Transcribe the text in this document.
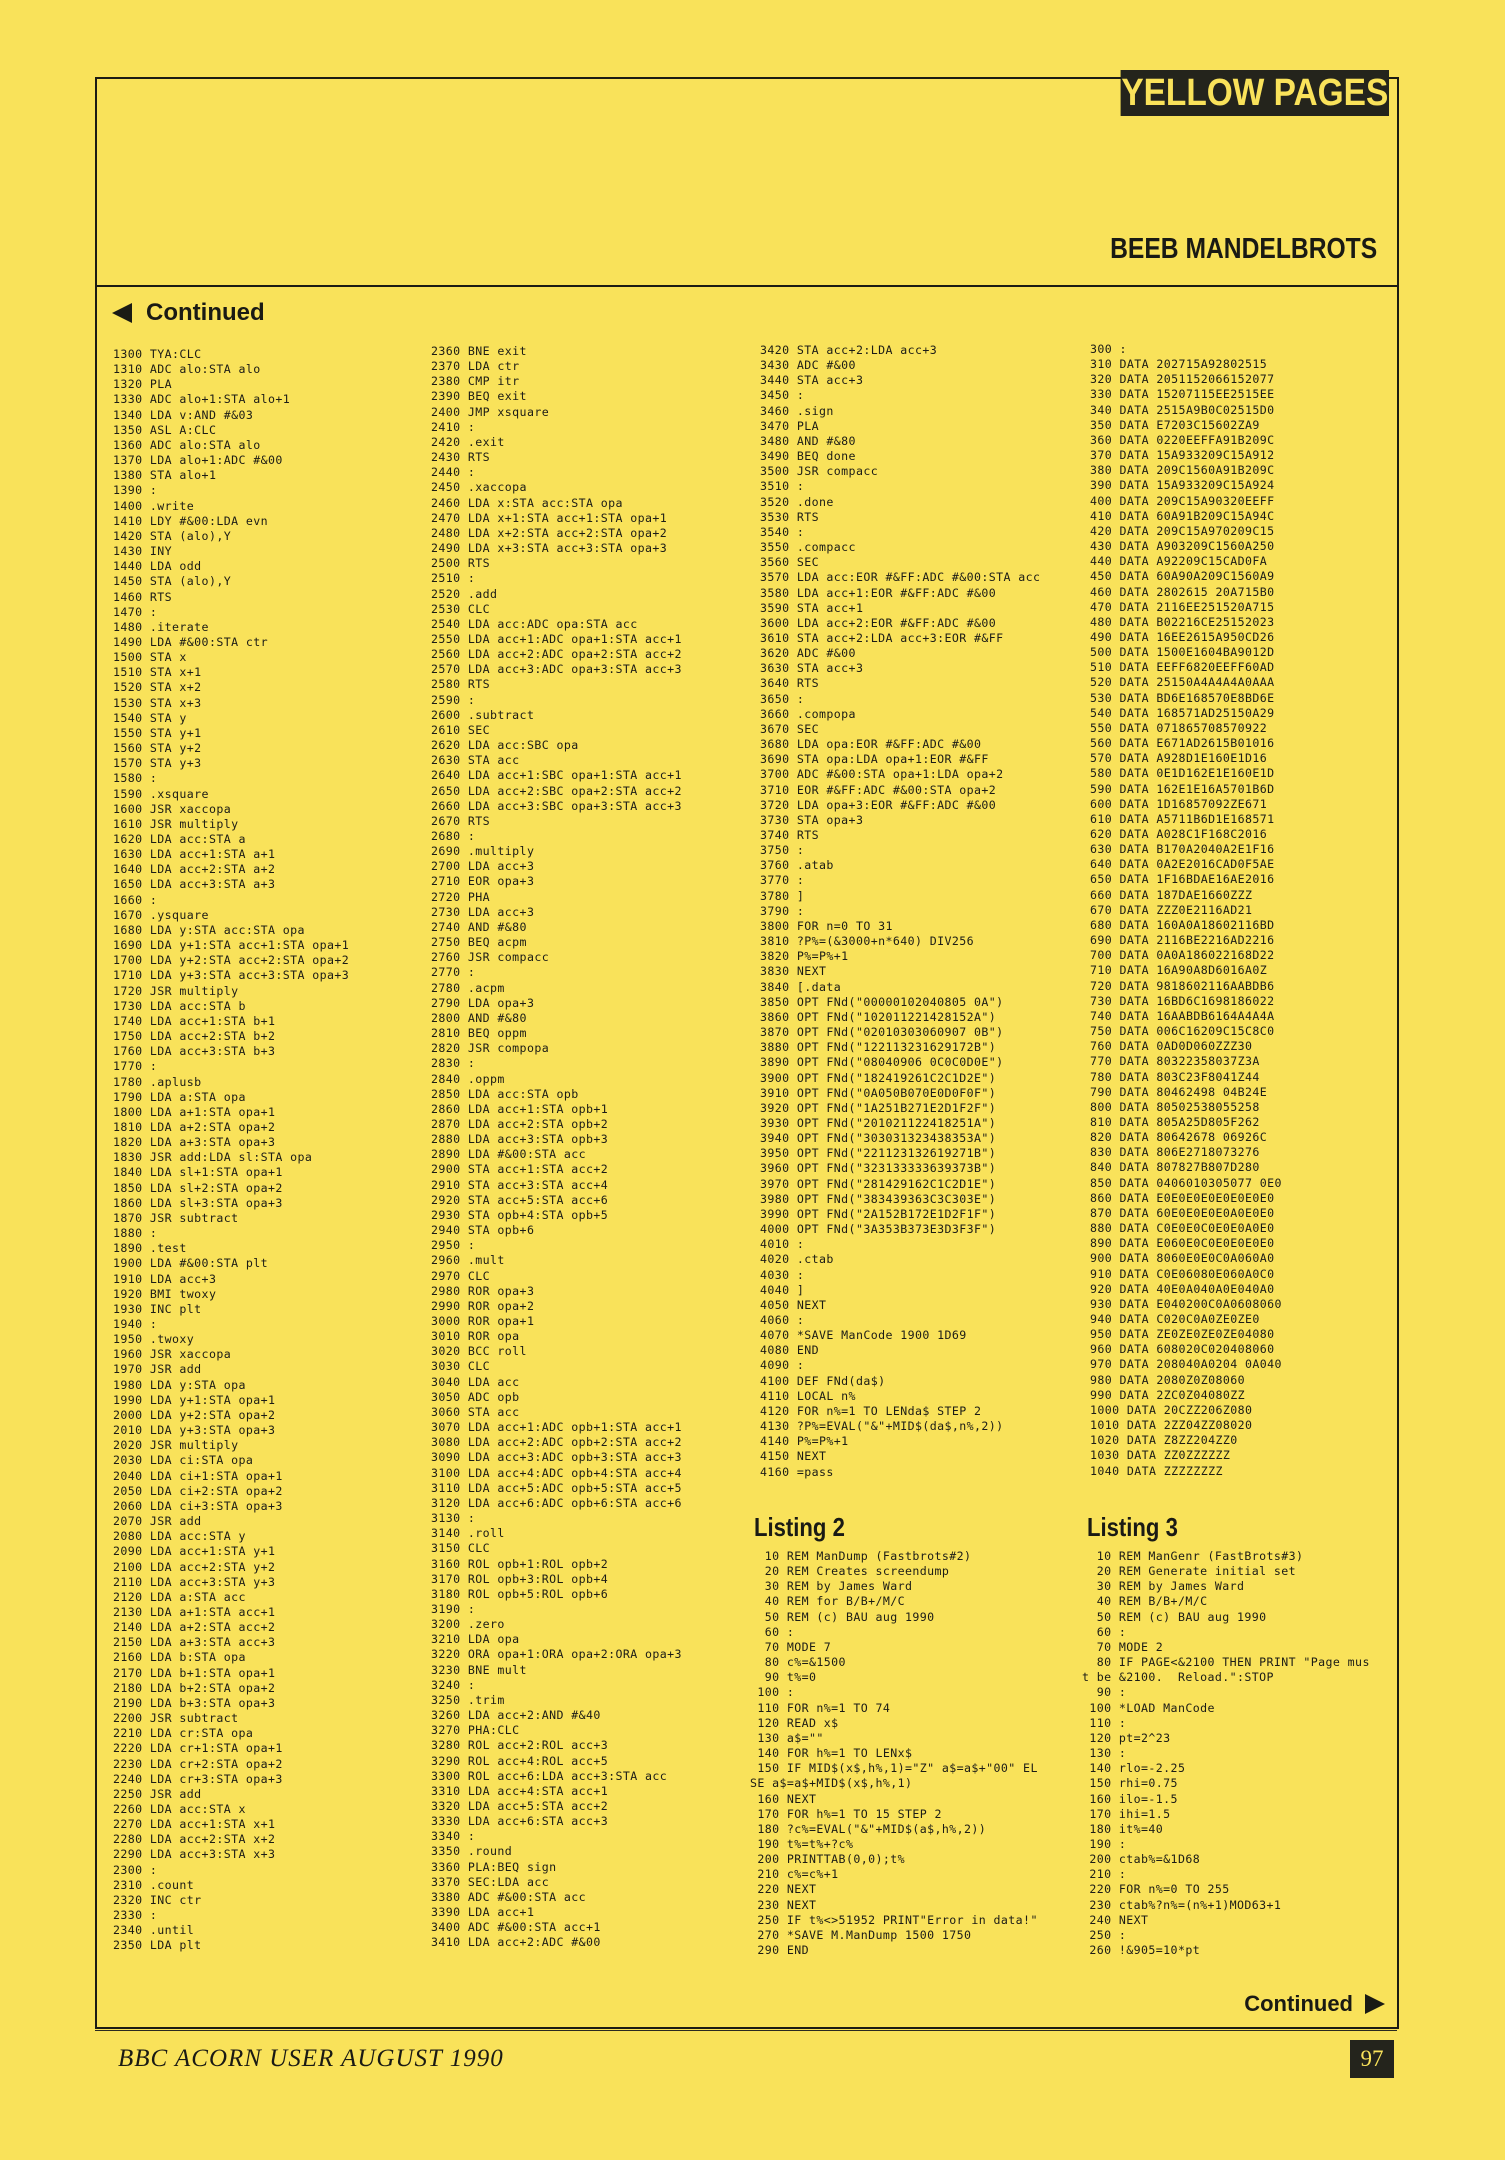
YELLOW PAGES
BEEB MANDELBROTS
Continued
1300 TYA:CLC
1310 ADC alo:STA alo
1320 PLA
1330 ADC alo+1:STA alo+1
1340 LDA v:AND #&03
1350 ASL A:CLC
1360 ADC alo:STA alo
1370 LDA alo+1:ADC #&00
1380 STA alo+1
1390 :
1400 .write
1410 LDY #&00:LDA evn
1420 STA (alo),Y
1430 INY
1440 LDA odd
1450 STA (alo),Y
1460 RTS
1470 :
1480 .iterate
1490 LDA #&00:STA ctr
1500 STA x
1510 STA x+1
1520 STA x+2
1530 STA x+3
1540 STA y
1550 STA y+1
1560 STA y+2
1570 STA y+3
1580 :
1590 .xsquare
1600 JSR xaccopa
1610 JSR multiply
1620 LDA acc:STA a
1630 LDA acc+1:STA a+1
1640 LDA acc+2:STA a+2
1650 LDA acc+3:STA a+3
1660 :
1670 .ysquare
1680 LDA y:STA acc:STA opa
1690 LDA y+1:STA acc+1:STA opa+1
1700 LDA y+2:STA acc+2:STA opa+2
1710 LDA y+3:STA acc+3:STA opa+3
1720 JSR multiply
1730 LDA acc:STA b
1740 LDA acc+1:STA b+1
1750 LDA acc+2:STA b+2
1760 LDA acc+3:STA b+3
1770 :
1780 .aplusb
1790 LDA a:STA opa
1800 LDA a+1:STA opa+1
1810 LDA a+2:STA opa+2
1820 LDA a+3:STA opa+3
1830 JSR add:LDA sl:STA opa
1840 LDA sl+1:STA opa+1
1850 LDA sl+2:STA opa+2
1860 LDA sl+3:STA opa+3
1870 JSR subtract
1880 :
1890 .test
1900 LDA #&00:STA plt
1910 LDA acc+3
1920 BMI twoxy
1930 INC plt
1940 :
1950 .twoxy
1960 JSR xaccopa
1970 JSR add
1980 LDA y:STA opa
1990 LDA y+1:STA opa+1
2000 LDA y+2:STA opa+2
2010 LDA y+3:STA opa+3
2020 JSR multiply
2030 LDA ci:STA opa
2040 LDA ci+1:STA opa+1
2050 LDA ci+2:STA opa+2
2060 LDA ci+3:STA opa+3
2070 JSR add
2080 LDA acc:STA y
2090 LDA acc+1:STA y+1
2100 LDA acc+2:STA y+2
2110 LDA acc+3:STA y+3
2120 LDA a:STA acc
2130 LDA a+1:STA acc+1
2140 LDA a+2:STA acc+2
2150 LDA a+3:STA acc+3
2160 LDA b:STA opa
2170 LDA b+1:STA opa+1
2180 LDA b+2:STA opa+2
2190 LDA b+3:STA opa+3
2200 JSR subtract
2210 LDA cr:STA opa
2220 LDA cr+1:STA opa+1
2230 LDA cr+2:STA opa+2
2240 LDA cr+3:STA opa+3
2250 JSR add
2260 LDA acc:STA x
2270 LDA acc+1:STA x+1
2280 LDA acc+2:STA x+2
2290 LDA acc+3:STA x+3
2300 :
2310 .count
2320 INC ctr
2330 :
2340 .until
2350 LDA plt
2360 BNE exit
2370 LDA ctr
2380 CMP itr
2390 BEQ exit
2400 JMP xsquare
2410 :
2420 .exit
2430 RTS
2440 :
2450 .xaccopa
2460 LDA x:STA acc:STA opa
2470 LDA x+1:STA acc+1:STA opa+1
2480 LDA x+2:STA acc+2:STA opa+2
2490 LDA x+3:STA acc+3:STA opa+3
2500 RTS
2510 :
2520 .add
2530 CLC
2540 LDA acc:ADC opa:STA acc
2550 LDA acc+1:ADC opa+1:STA acc+1
2560 LDA acc+2:ADC opa+2:STA acc+2
2570 LDA acc+3:ADC opa+3:STA acc+3
2580 RTS
2590 :
2600 .subtract
2610 SEC
2620 LDA acc:SBC opa
2630 STA acc
2640 LDA acc+1:SBC opa+1:STA acc+1
2650 LDA acc+2:SBC opa+2:STA acc+2
2660 LDA acc+3:SBC opa+3:STA acc+3
2670 RTS
2680 :
2690 .multiply
2700 LDA acc+3
2710 EOR opa+3
2720 PHA
2730 LDA acc+3
2740 AND #&80
2750 BEQ acpm
2760 JSR compacc
2770 :
2780 .acpm
2790 LDA opa+3
2800 AND #&80
2810 BEQ oppm
2820 JSR compopa
2830 :
2840 .oppm
2850 LDA acc:STA opb
2860 LDA acc+1:STA opb+1
2870 LDA acc+2:STA opb+2
2880 LDA acc+3:STA opb+3
2890 LDA #&00:STA acc
2900 STA acc+1:STA acc+2
2910 STA acc+3:STA acc+4
2920 STA acc+5:STA acc+6
2930 STA opb+4:STA opb+5
2940 STA opb+6
2950 :
2960 .mult
2970 CLC
2980 ROR opa+3
2990 ROR opa+2
3000 ROR opa+1
3010 ROR opa
3020 BCC roll
3030 CLC
3040 LDA acc
3050 ADC opb
3060 STA acc
3070 LDA acc+1:ADC opb+1:STA acc+1
3080 LDA acc+2:ADC opb+2:STA acc+2
3090 LDA acc+3:ADC opb+3:STA acc+3
3100 LDA acc+4:ADC opb+4:STA acc+4
3110 LDA acc+5:ADC opb+5:STA acc+5
3120 LDA acc+6:ADC opb+6:STA acc+6
3130 :
3140 .roll
3150 CLC
3160 ROL opb+1:ROL opb+2
3170 ROL opb+3:ROL opb+4
3180 ROL opb+5:ROL opb+6
3190 :
3200 .zero
3210 LDA opa
3220 ORA opa+1:ORA opa+2:ORA opa+3
3230 BNE mult
3240 :
3250 .trim
3260 LDA acc+2:AND #&40
3270 PHA:CLC
3280 ROL acc+2:ROL acc+3
3290 ROL acc+4:ROL acc+5
3300 ROL acc+6:LDA acc+3:STA acc
3310 LDA acc+4:STA acc+1
3320 LDA acc+5:STA acc+2
3330 LDA acc+6:STA acc+3
3340 :
3350 .round
3360 PLA:BEQ sign
3370 SEC:LDA acc
3380 ADC #&00:STA acc
3390 LDA acc+1
3400 ADC #&00:STA acc+1
3410 LDA acc+2:ADC #&00
3420 STA acc+2:LDA acc+3
3430 ADC #&00
3440 STA acc+3
3450 :
3460 .sign
3470 PLA
3480 AND #&80
3490 BEQ done
3500 JSR compacc
3510 :
3520 .done
3530 RTS
3540 :
3550 .compacc
3560 SEC
3570 LDA acc:EOR #&FF:ADC #&00:STA acc
3580 LDA acc+1:EOR #&FF:ADC #&00
3590 STA acc+1
3600 LDA acc+2:EOR #&FF:ADC #&00
3610 STA acc+2:LDA acc+3:EOR #&FF
3620 ADC #&00
3630 STA acc+3
3640 RTS
3650 :
3660 .compopa
3670 SEC
3680 LDA opa:EOR #&FF:ADC #&00
3690 STA opa:LDA opa+1:EOR #&FF
3700 ADC #&00:STA opa+1:LDA opa+2
3710 EOR #&FF:ADC #&00:STA opa+2
3720 LDA opa+3:EOR #&FF:ADC #&00
3730 STA opa+3
3740 RTS
3750 :
3760 .atab
3770 :
3780 ]
3790 :
3800 FOR n=0 TO 31
3810 ?P%=(&3000+n*640) DIV256
3820 P%=P%+1
3830 NEXT
3840 [.data
3850 OPT FNd("00000102040805 0A")
3860 OPT FNd("102011221428152A")
3870 OPT FNd("02010303060907 0B")
3880 OPT FNd("122113231629172B")
3890 OPT FNd("08040906 0C0C0D0E")
3900 OPT FNd("182419261C2C1D2E")
3910 OPT FNd("0A050B070E0D0F0F")
3920 OPT FNd("1A251B271E2D1F2F")
3930 OPT FNd("201021122418251A")
3940 OPT FNd("303031323438353A")
3950 OPT FNd("221123132619271B")
3960 OPT FNd("323133333639373B")
3970 OPT FNd("281429162C1C2D1E")
3980 OPT FNd("383439363C3C303E")
3990 OPT FNd("2A152B172E1D2F1F")
4000 OPT FNd("3A353B373E3D3F3F")
4010 :
4020 .ctab
4030 :
4040 ]
4050 NEXT
4060 :
4070 *SAVE ManCode 1900 1D69
4080 END
4090 :
4100 DEF FNd(da$)
4110 LOCAL n%
4120 FOR n%=1 TO LENda$ STEP 2
4130 ?P%=EVAL("&"+MID$(da$,n%,2))
4140 P%=P%+1
4150 NEXT
4160 =pass
300 :
310 DATA 202715A92802515
320 DATA 2051152066152077
330 DATA 15207115EE2515EE
340 DATA 2515A9B0C02515D0
350 DATA E7203C15602ZA9
360 DATA 0220EEFFA91B209C
370 DATA 15A933209C15A912
380 DATA 209C1560A91B209C
390 DATA 15A933209C15A924
400 DATA 209C15A90320EEFF
410 DATA 60A91B209C15A94C
420 DATA 209C15A970209C15
430 DATA A903209C1560A250
440 DATA A92209C15CAD0FA
450 DATA 60A90A209C1560A9
460 DATA 2802615 20A715B0
470 DATA 2116EE251520A715
480 DATA B02216CE25152023
490 DATA 16EE2615A950CD26
500 DATA 1500E1604BA9012D
510 DATA EEFF6820EEFF60AD
520 DATA 25150A4A4A4A0AAA
530 DATA BD6E168570E8BD6E
540 DATA 168571AD25150A29
550 DATA 071865708570922
560 DATA E671AD2615B01016
570 DATA A928D1E160E1D16
580 DATA 0E1D162E1E160E1D
590 DATA 162E1E16A5701B6D
600 DATA 1D16857092ZE671
610 DATA A5711B6D1E168571
620 DATA A028C1F168C2016
630 DATA B170A2040A2E1F16
640 DATA 0A2E2016CAD0F5AE
650 DATA 1F16BDAE16AE2016
660 DATA 187DAE1660ZZZ
670 DATA ZZZ0E2116AD21
680 DATA 160A0A18602116BD
690 DATA 2116BE2216AD2216
700 DATA 0A0A186022168D22
710 DATA 16A90A8D6016A0Z
720 DATA 9818602116AABDB6
730 DATA 16BD6C1698186022
740 DATA 16AABDB6164A4A4A
750 DATA 006C16209C15C8C0
760 DATA 0AD0D060ZZZ30
770 DATA 80322358037Z3A
780 DATA 803C23F8041Z44
790 DATA 80462498 04B24E
800 DATA 80502538055258
810 DATA 805A25D805F262
820 DATA 80642678 06926C
830 DATA 806E2718073276
840 DATA 807827B807D280
850 DATA 0406010305077 0E0
860 DATA E0E0E0E0E0E0E0E0
870 DATA 60E0E0E0E0A0E0E0
880 DATA C0E0E0C0E0E0A0E0
890 DATA E060E0C0E0E0E0E0
900 DATA 8060E0E0C0A060A0
910 DATA C0E06080E060A0C0
920 DATA 40E0A040A0E040A0
930 DATA E040200C0A0608060
940 DATA C020C0A0ZE0ZE0
950 DATA ZE0ZE0ZE0ZE04080
960 DATA 608020C020408060
970 DATA 208040A0204 0A040
980 DATA 2080Z0Z08060
990 DATA 2ZC0Z04080ZZ
1000 DATA 20CZZ206Z080
1010 DATA 2ZZ04ZZ08020
1020 DATA Z8ZZ204ZZ0
1030 DATA ZZ0ZZZZZZ
1040 DATA ZZZZZZZZ
Listing 2
10 REM ManDump (Fastbrots#2)
20 REM Creates screendump
30 REM by James Ward
40 REM for B/B+/M/C
50 REM (c) BAU aug 1990
60 :
70 MODE 7
80 c%=&1500
90 t%=0
100 :
110 FOR n%=1 TO 74
120 READ x$
130 a$=""
140 FOR h%=1 TO LENx$
150 IF MID$(x$,h%,1)="Z" a$=a$+"00" EL
SE a$=a$+MID$(x$,h%,1)
160 NEXT
170 FOR h%=1 TO 15 STEP 2
180 ?c%=EVAL("&"+MID$(a$,h%,2))
190 t%=t%+?c%
200 PRINTTAB(0,0);t%
210 c%=c%+1
220 NEXT
230 NEXT
250 IF t%<>51952 PRINT"Error in data!"
270 *SAVE M.ManDump 1500 1750
290 END
Listing 3
10 REM ManGenr (FastBrots#3)
20 REM Generate initial set
30 REM by James Ward
40 REM B/B+/M/C
50 REM (c) BAU aug 1990
60 :
70 MODE 2
80 IF PAGE<&2100 THEN PRINT "Page mus
t be &2100.  Reload.":STOP
90 :
100 *LOAD ManCode
110 :
120 pt=2^23
130 :
140 rlo=-2.25
150 rhi=0.75
160 ilo=-1.5
170 ihi=1.5
180 it%=40
190 :
200 ctab%=&1D68
210 :
220 FOR n%=0 TO 255
230 ctab%?n%=(n%+1)MOD63+1
240 NEXT
250 :
260 !&905=10*pt
Continued
BBC ACORN USER AUGUST 1990	97
